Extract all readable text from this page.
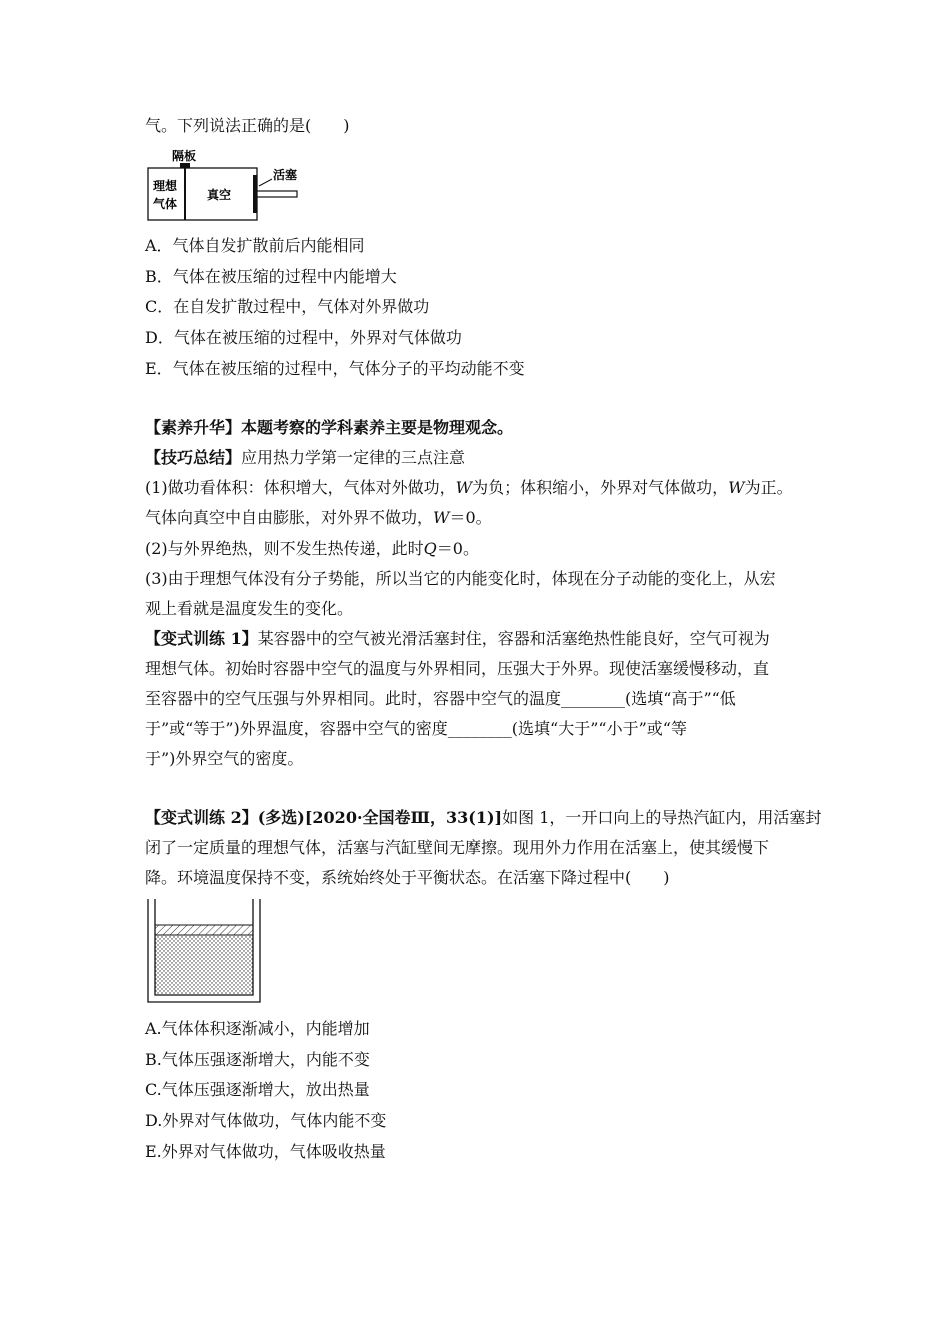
气。下列说法正确的是(　　)
隔板
理想
气体
真空
活塞
A．气体自发扩散前后内能相同
B．气体在被压缩的过程中内能增大
C．在自发扩散过程中，气体对外界做功
D．气体在被压缩的过程中，外界对气体做功
E．气体在被压缩的过程中，气体分子的平均动能不变
【素养升华】本题考察的学科素养主要是物理观念。
【技巧总结】应用热力学第一定律的三点注意
(1)做功看体积：体积增大，气体对外做功，W为负；体积缩小，外界对气体做功，W为正。
气体向真空中自由膨胀，对外界不做功，W＝0。
(2)与外界绝热，则不发生热传递，此时Q＝0。
(3)由于理想气体没有分子势能，所以当它的内能变化时，体现在分子动能的变化上，从宏
观上看就是温度发生的变化。
【变式训练 1】某容器中的空气被光滑活塞封住，容器和活塞绝热性能良好，空气可视为
理想气体。初始时容器中空气的温度与外界相同，压强大于外界。现使活塞缓慢移动，直
至容器中的空气压强与外界相同。此时，容器中空气的温度________(选填“高于”“低
于”或“等于”)外界温度，容器中空气的密度________(选填“大于”“小于”或“等
于”)外界空气的密度。
【变式训练 2】(多选)[2020·全国卷Ⅲ，33(1)]如图 1，一开口向上的导热汽缸内，用活塞封
闭了一定质量的理想气体，活塞与汽缸壁间无摩擦。现用外力作用在活塞上，使其缓慢下
降。环境温度保持不变，系统始终处于平衡状态。在活塞下降过程中(　　)
A.气体体积逐渐减小，内能增加
B.气体压强逐渐增大，内能不变
C.气体压强逐渐增大，放出热量
D.外界对气体做功，气体内能不变
E.外界对气体做功，气体吸收热量
